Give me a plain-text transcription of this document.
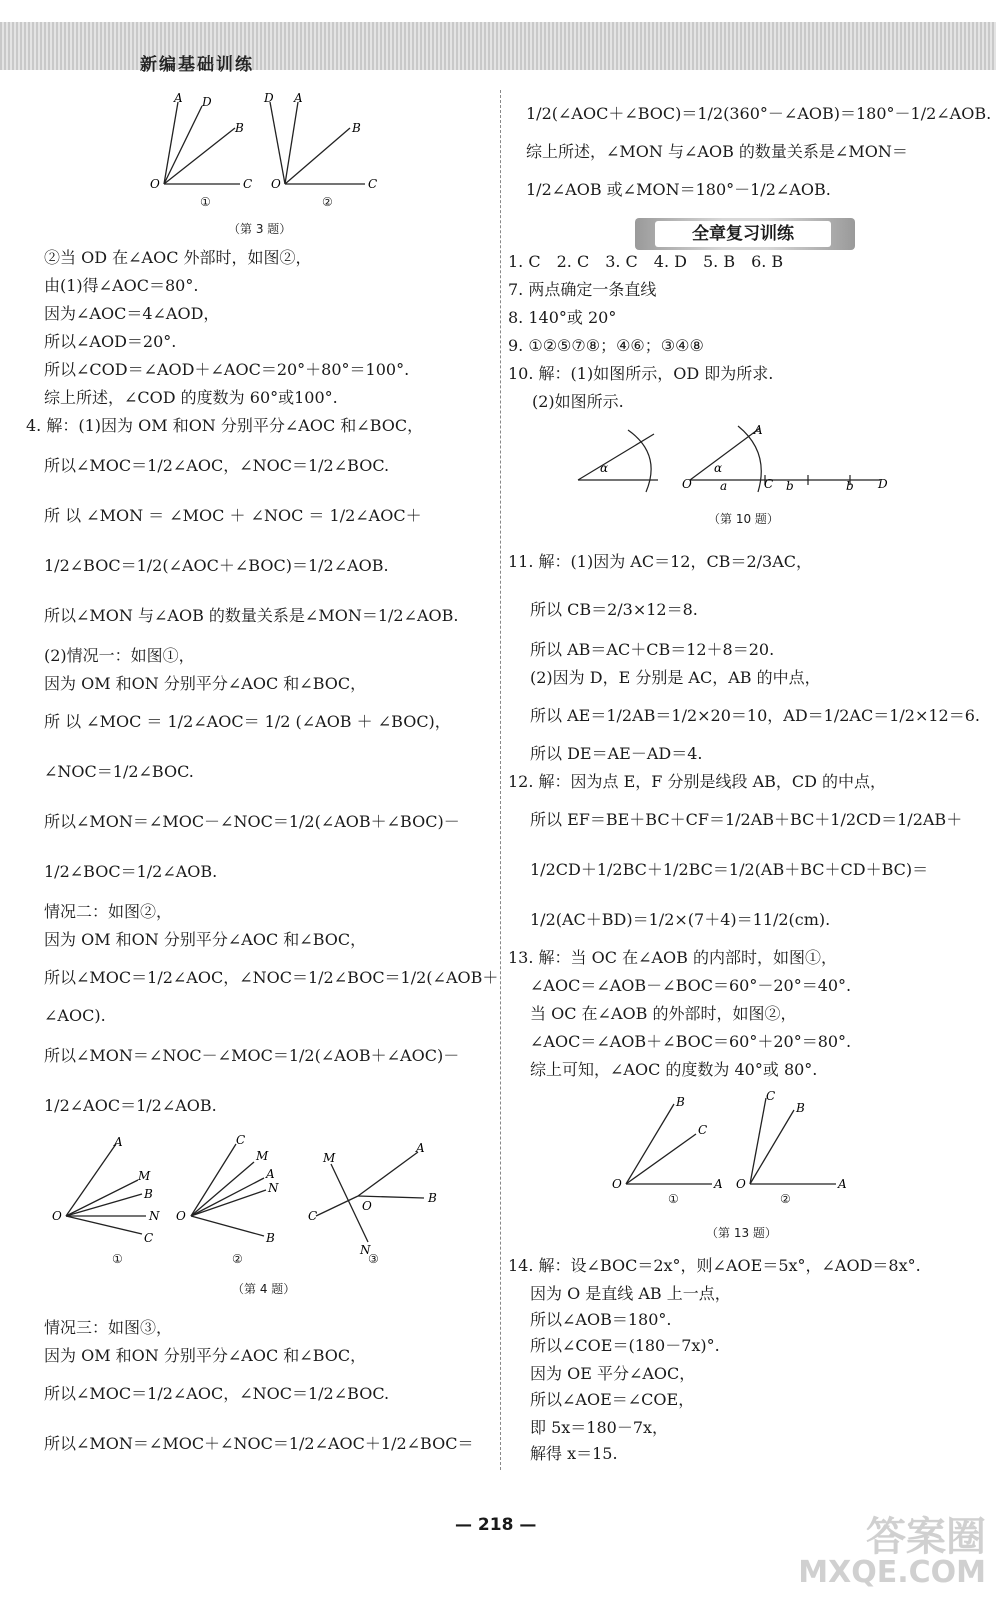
新编基础训练
A D
B
O	C
D A
B
O	C
①	②
（第 3 题）
②当 OD 在∠AOC 外部时，如图②，
由(1)得∠AOC＝80°.
因为∠AOC＝4∠AOD，
所以∠AOD＝20°.
所以∠COD＝∠AOD＋∠AOC＝20°＋80°＝100°.
综上所述，∠COD 的度数为 60°或100°.
4. 解：(1)因为 OM 和ON 分别平分∠AOC 和∠BOC，
所以∠MOC＝1/2∠AOC，∠NOC＝1/2∠BOC.
所 以 ∠MON ＝ ∠MOC ＋ ∠NOC ＝ 1/2∠AOC＋
1/2∠BOC＝1/2(∠AOC＋∠BOC)＝1/2∠AOB.
所以∠MON 与∠AOB 的数量关系是∠MON＝1/2∠AOB.
(2)情况一：如图①，
因为 OM 和ON 分别平分∠AOC 和∠BOC，
所 以 ∠MOC ＝ 1/2∠AOC＝ 1/2 (∠AOB ＋ ∠BOC)，
∠NOC＝1/2∠BOC.
所以∠MON＝∠MOC－∠NOC＝1/2(∠AOB＋∠BOC)－
1/2∠BOC＝1/2∠AOB.
情况二：如图②，
因为 OM 和ON 分别平分∠AOC 和∠BOC，
所以∠MOC＝1/2∠AOC，∠NOC＝1/2∠BOC＝1/2(∠AOB＋
∠AOC).
所以∠MON＝∠NOC－∠MOC＝1/2(∠AOB＋∠AOC)－
1/2∠AOC＝1/2∠AOB.
A
M
B
O	N
C
C
M
A
N
O
B
M
A
B
O
C
N
①	②	③
（第 4 题）
情况三：如图③，
因为 OM 和ON 分别平分∠AOC 和∠BOC，
所以∠MOC＝1/2∠AOC，∠NOC＝1/2∠BOC.
所以∠MON＝∠MOC＋∠NOC＝1/2∠AOC＋1/2∠BOC＝
1/2(∠AOC＋∠BOC)＝1/2(360°－∠AOB)＝180°－1/2∠AOB.
综上所述，∠MON 与∠AOB 的数量关系是∠MON＝
1/2∠AOB 或∠MON＝180°－1/2∠AOB.
全章复习训练
1. C　2. C　3. C　4. D　5. B　6. B
7. 两点确定一条直线
8. 140°或 20°
9. ①②⑤⑦⑧；④⑥；③④⑧
10. 解：(1)如图所示，OD 即为所求.
(2)如图所示.
α	α
O
A
a	C b	b D
（第 10 题）
11. 解：(1)因为 AC＝12，CB＝2/3AC，
所以 CB＝2/3×12＝8.
所以 AB＝AC＋CB＝12＋8＝20.
(2)因为 D，E 分别是 AC，AB 的中点，
所以 AE＝1/2AB＝1/2×20＝10，AD＝1/2AC＝1/2×12＝6.
所以 DE＝AE－AD＝4.
12. 解：因为点 E，F 分别是线段 AB，CD 的中点，
所以 EF＝BE＋BC＋CF＝1/2AB＋BC＋1/2CD＝1/2AB＋
1/2CD＋1/2BC＋1/2BC＝1/2(AB＋BC＋CD＋BC)＝
1/2(AC＋BD)＝1/2×(7＋4)＝11/2(cm).
13. 解：当 OC 在∠AOB 的内部时，如图①，
∠AOC＝∠AOB－∠BOC＝60°－20°＝40°.
当 OC 在∠AOB 的外部时，如图②，
∠AOC＝∠AOB＋∠BOC＝60°＋20°＝80°.
综上可知，∠AOC 的度数为 40°或 80°.
B
C
O	A
C
B
O	A
①	②
（第 13 题）
14. 解：设∠BOC＝2x°，则∠AOE＝5x°，∠AOD＝8x°.
因为 O 是直线 AB 上一点，
所以∠AOB＝180°.
所以∠COE＝(180－7x)°.
因为 OE 平分∠AOC，
所以∠AOE＝∠COE，
即 5x＝180－7x，
解得 x＝15.
— 218 —	答案圈
MXQE.COM
